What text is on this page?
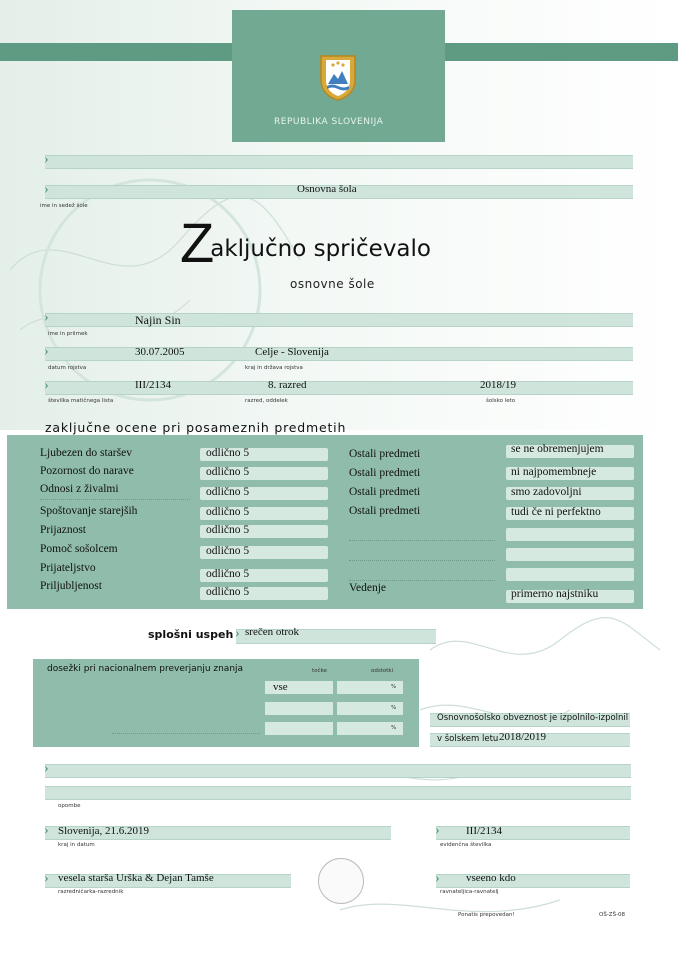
REPUBLIKA SLOVENIJA
›
›
Osnovna šola
ime in sedež šole
Zaključno spričevalo
osnovne šole
›
Najin Sin
ime in priimek
›
30.07.2005	Celje - Slovenija
datum rojstva	kraj in država rojstva
›
III/2134	8. razred	2018/19
številka matičnega lista	razred, oddelek	šolsko leto
zaključne ocene pri posameznih predmetih
Ljubezen do staršev	odlično 5
Pozornost do narave	odlično 5
Odnosi z živalmi	odlično 5
Spoštovanje starejših	odlično 5
Prijaznost	odlično 5
Pomoč sošolcem	odlično 5
Prijateljstvo	odlično 5
Priljubljenost	odlično 5
Ostali predmeti	se ne obremenjujem
Ostali predmeti	ni najpomembneje
Ostali predmeti	smo zadovoljni
Ostali predmeti	tudi če ni perfektno
Vedenje	primerno najstniku
splošni uspeh
› srečen otrok
dosežki pri nacionalnem preverjanju znanja	točke	odstotki
vse	%
%
%
Osnovnošolsko obveznost je izpolnilo-izpolnil
v šolskem letu 2018/2019
›
opombe
›
Slovenija, 21.6.2019
kraj in datum
›
III/2134
evidenčna številka
›
vesela starša Urška & Dejan Tamše
razredničarka-razrednik
›
vseeno kdo
ravnateljica-ravnatelj
Ponatis prepovedan!	OŠ-ZŠ-08
